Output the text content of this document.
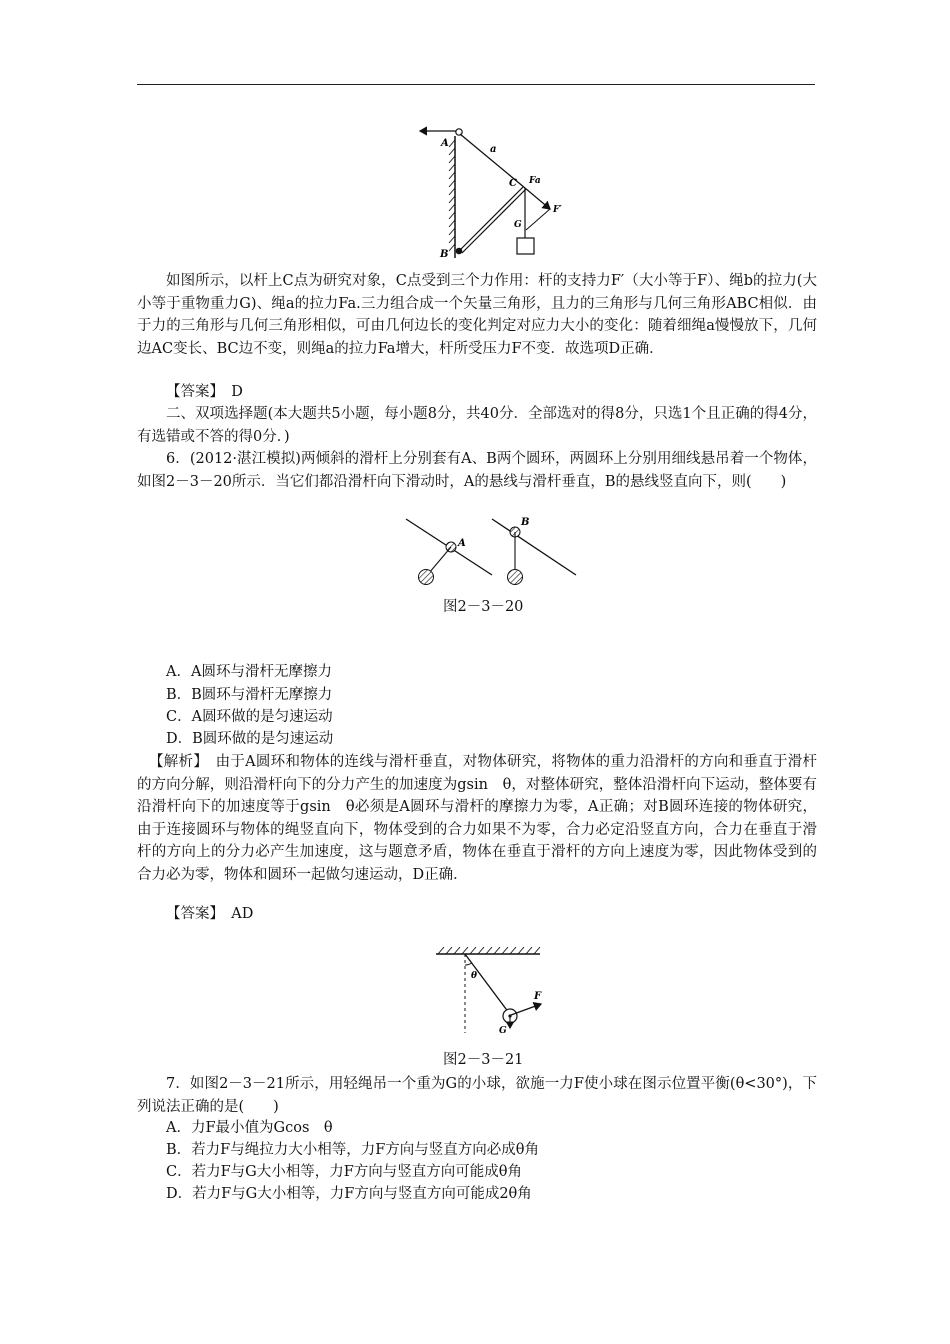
A
a
C Fa
F′
G
B

如图所示，以杆上C点为研究对象，C点受到三个力作用：杆的支持力F′（大小等于F）、绳b的拉力(大小等于重物重力G)、绳a的拉力Fa.三力组合成一个矢量三角形，且力的三角形与几何三角形ABC相似．由于力的三角形与几何三角形相似，可由几何边长的变化判定对应力大小的变化：随着细绳a慢慢放下，几何边AC变长、BC边不变，则绳a的拉力Fa增大，杆所受压力F不变．故选项D正确．

【答案】　D

二、双项选择题(本大题共5小题，每小题8分，共40分．全部选对的得8分，只选1个且正确的得4分，有选错或不答的得0分．)

6．(2012·湛江模拟)两倾斜的滑杆上分别套有A、B两个圆环，两圆环上分别用细线悬吊着一个物体，如图2－3－20所示．当它们都沿滑杆向下滑动时，A的悬线与滑杆垂直，B的悬线竖直向下，则(　　)

A
B
图2－3－20

A．A圆环与滑杆无摩擦力

B．B圆环与滑杆无摩擦力

C．A圆环做的是匀速运动

D．B圆环做的是匀速运动

【解析】　由于A圆环和物体的连线与滑杆垂直，对物体研究，将物体的重力沿滑杆的方向和垂直于滑杆的方向分解，则沿滑杆向下的分力产生的加速度为gsin　θ，对整体研究，整体沿滑杆向下运动，整体要有沿滑杆向下的加速度等于gsin　θ必须是A圆环与滑杆的摩擦力为零，A正确；对B圆环连接的物体研究，由于连接圆环与物体的绳竖直向下，物体受到的合力如果不为零，合力必定沿竖直方向，合力在垂直于滑杆的方向上的分力必产生加速度，这与题意矛盾，物体在垂直于滑杆的方向上速度为零，因此物体受到的合力必为零，物体和圆环一起做匀速运动，D正确．

【答案】　AD

θ
F
G
图2－3－21

7．如图2－3－21所示，用轻绳吊一个重为G的小球，欲施一力F使小球在图示位置平衡(θ<30°)，下列说法正确的是(　　)

A．力F最小值为Gcos　θ

B．若力F与绳拉力大小相等，力F方向与竖直方向必成θ角

C．若力F与G大小相等，力F方向与竖直方向可能成θ角

D．若力F与G大小相等，力F方向与竖直方向可能成2θ角
